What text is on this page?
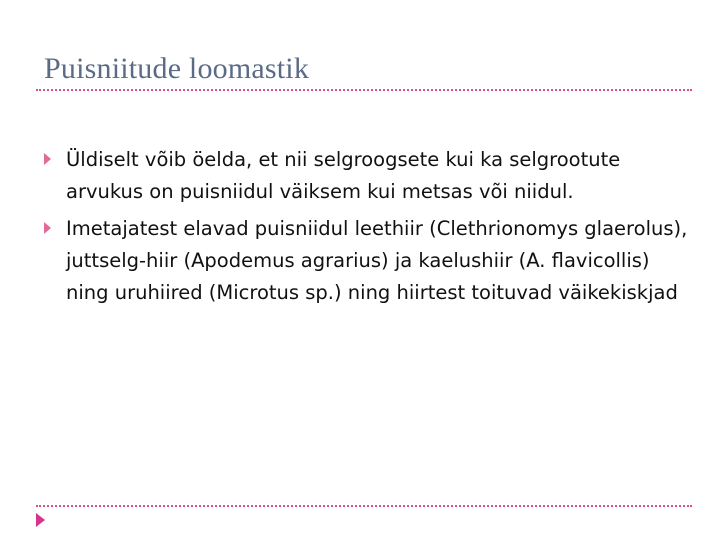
Puisniitude loomastik
Üldiselt võib öelda, et nii selgroogsete kui ka selgrootute arvukus on puisniidul väiksem kui metsas või niidul.
Imetajatest elavad puisniidul leethiir (Clethrionomys glaerolus), juttselg-hiir (Apodemus agrarius) ja kaelushiir (A. flavicollis) ning uruhiired (Microtus sp.) ning hiirtest toituvad väikekiskjad
